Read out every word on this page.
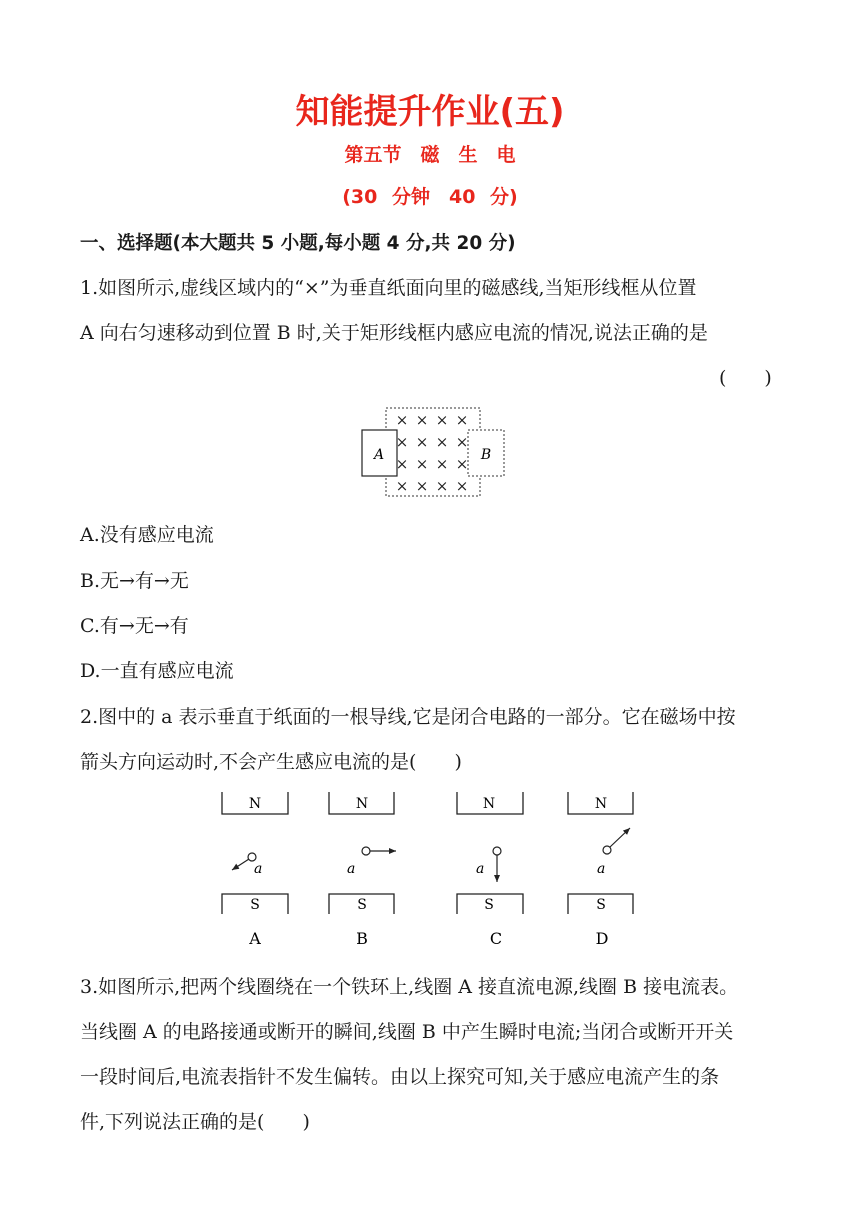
知能提升作业(五)
第五节　磁　生　电
(30 分钟　40 分)
一、选择题(本大题共 5 小题,每小题 4 分,共 20 分)
1.如图所示,虚线区域内的“×”为垂直纸面向里的磁感线,当矩形线框从位置
A 向右匀速移动到位置 B 时,关于矩形线框内感应电流的情况,说法正确的是
(　　)
A	B
× × × ×
× × × ×
× × × ×
× × × ×
A.没有感应电流
B.无→有→无
C.有→无→有
D.一直有感应电流
2.图中的 a 表示垂直于纸面的一根导线,它是闭合电路的一部分。它在磁场中按
箭头方向运动时,不会产生感应电流的是(　　)
N
S
a
A
N
S
a
B
N
S
a
C
N
S
a
D
3.如图所示,把两个线圈绕在一个铁环上,线圈 A 接直流电源,线圈 B 接电流表。
当线圈 A 的电路接通或断开的瞬间,线圈 B 中产生瞬时电流;当闭合或断开开关
一段时间后,电流表指针不发生偏转。由以上探究可知,关于感应电流产生的条
件,下列说法正确的是(　　)
